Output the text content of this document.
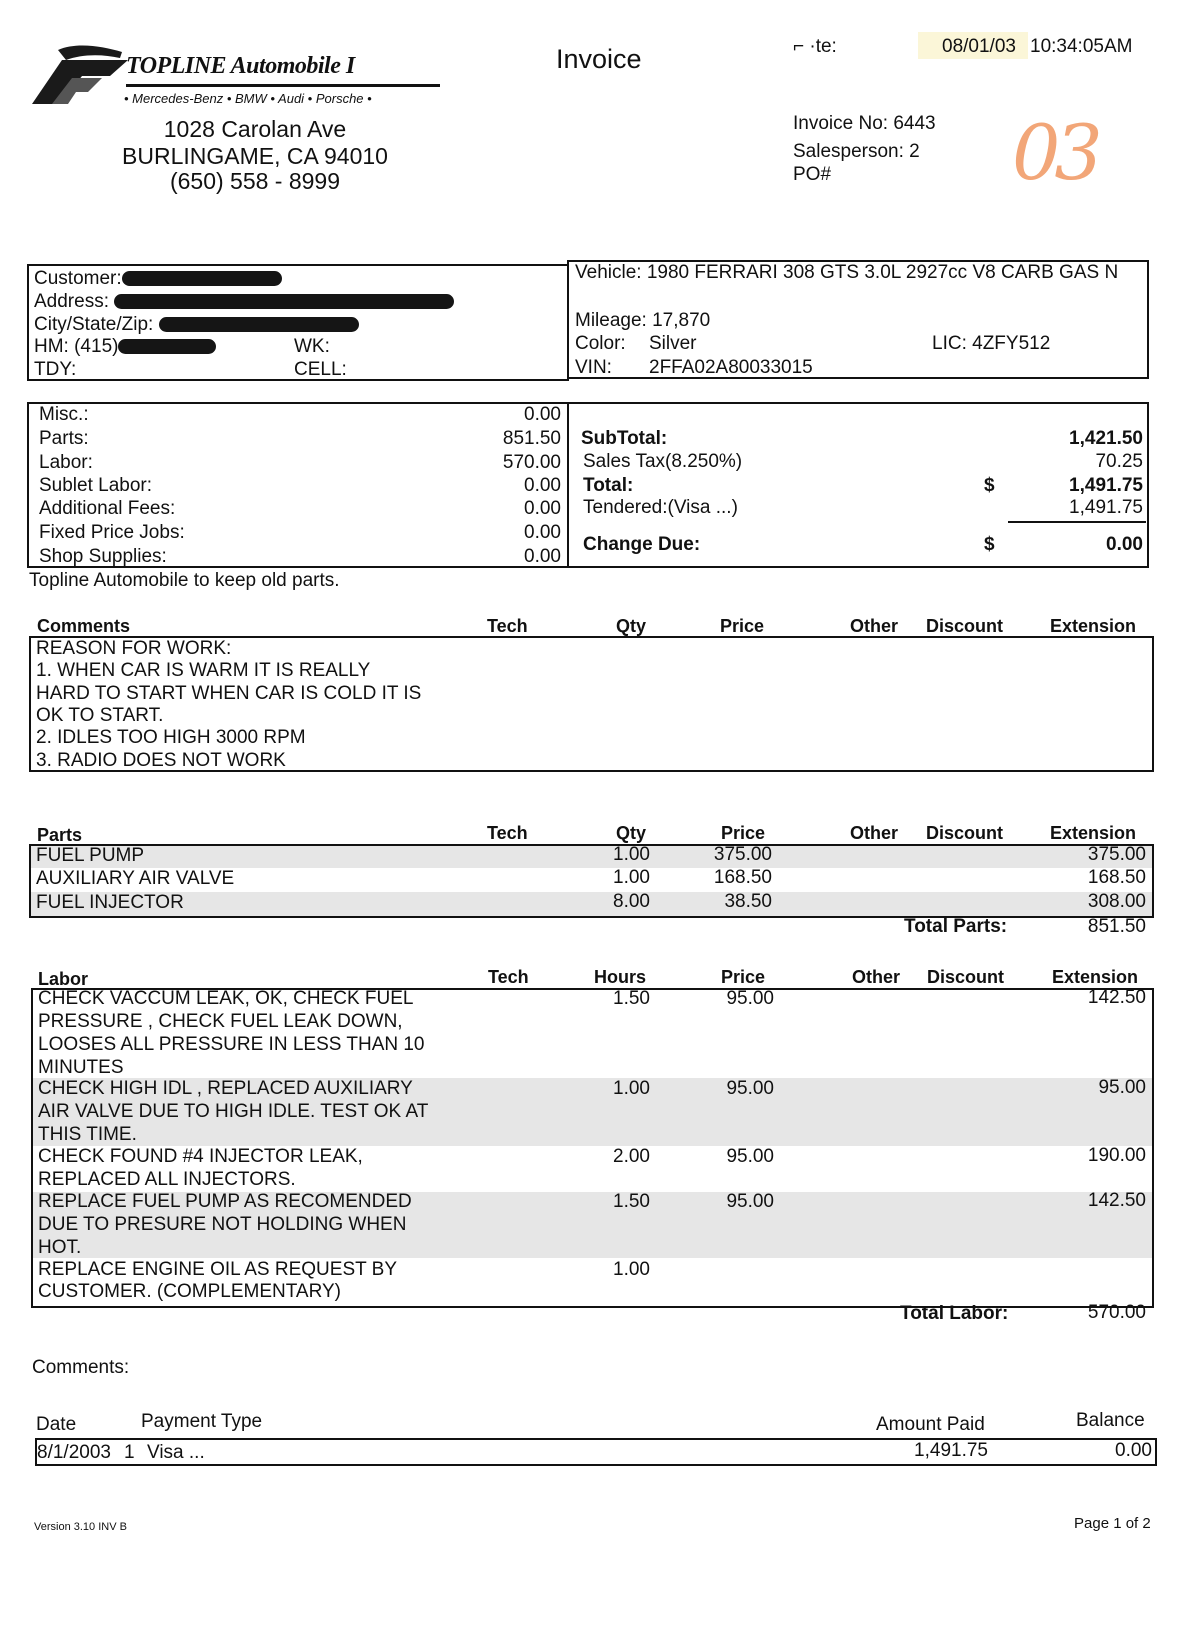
TOPLINE Automobile I
• Mercedes-Benz • BMW • Audi • Porsche •
1028 Carolan Ave
BURLINGAME, CA 94010
(650) 558 - 8999
Invoice	⌐ ·te:	08/01/03 10:34:05AM
Invoice No: 6443
Salesperson: 2
PO# 03
Customer:
Address:
City/State/Zip:
HM: (415)	WK:
TDY:	CELL:
Vehicle: 1980 FERRARI 308 GTS 3.0L 2927cc V8 CARB GAS N
Mileage: 17,870
Color: Silver	LIC: 4ZFY512
VIN: 2FFA02A80033015
Misc.:	0.00
Parts:	851.50
Labor:	570.00
Sublet Labor:	0.00
Additional Fees:	0.00
Fixed Price Jobs:	0.00
Shop Supplies:	0.00
SubTotal:	1,421.50
Sales Tax(8.250%)	70.25
Total:	$	1,491.75
Tendered:(Visa ...)	1,491.75
Change Due:	$	0.00
Topline Automobile to keep old parts.
Comments	Tech	Qty	Price	Other Discount	Extension
REASON FOR WORK:
1. WHEN CAR IS WARM IT IS REALLY
HARD TO START WHEN CAR IS COLD IT IS
OK TO START.
2. IDLES TOO HIGH 3000 RPM
3. RADIO DOES NOT WORK
Parts	Tech	Qty	Price	Other Discount	Extension
FUEL PUMP	1.00	375.00	375.00
AUXILIARY AIR VALVE	1.00	168.50	168.50
FUEL INJECTOR	8.00	38.50	308.00
Total Parts:	851.50
Labor	Tech	Hours	Price	Other Discount	Extension
CHECK VACCUM LEAK, OK, CHECK FUEL
PRESSURE , CHECK FUEL LEAK DOWN,
LOOSES ALL PRESSURE IN LESS THAN 10
MINUTES
1.50	95.00	142.50
CHECK HIGH IDL , REPLACED AUXILIARY
AIR VALVE DUE TO HIGH IDLE. TEST OK AT
THIS TIME.
1.00	95.00	95.00
CHECK FOUND #4 INJECTOR LEAK,
REPLACED ALL INJECTORS.
2.00	95.00	190.00
REPLACE FUEL PUMP AS RECOMENDED
DUE TO PRESURE NOT HOLDING WHEN
HOT.
1.50	95.00	142.50
REPLACE ENGINE OIL AS REQUEST BY
CUSTOMER. (COMPLEMENTARY)
1.00
Total Labor:	570.00
Comments:
Date	Payment Type	Amount Paid	Balance
8/1/2003 1 Visa ...	1,491.75	0.00
Version 3.10 INV B	Page 1 of 2
